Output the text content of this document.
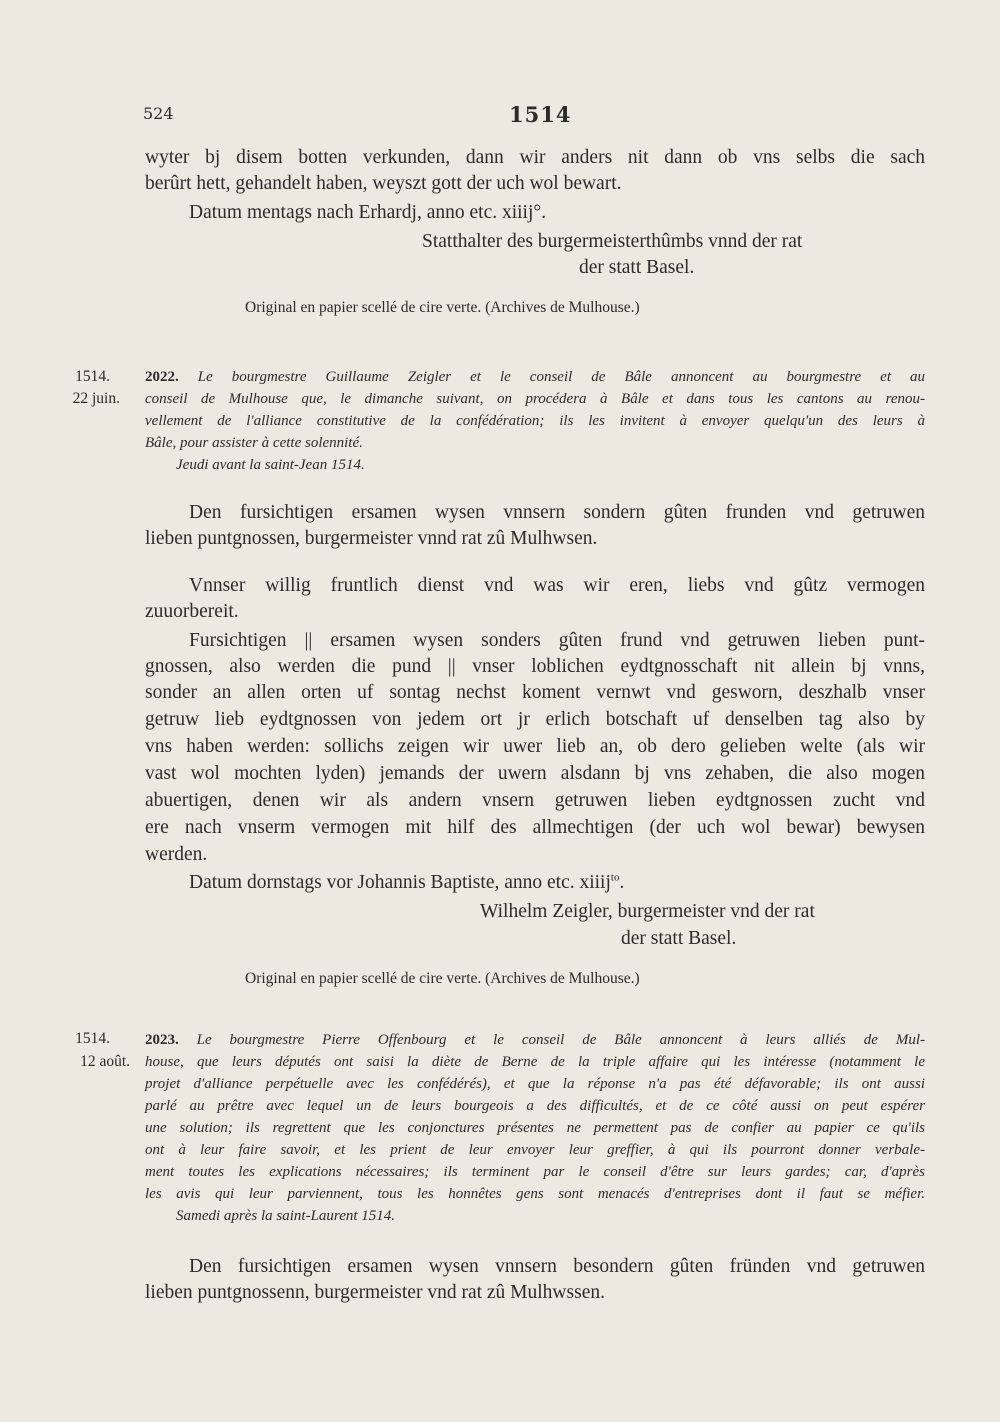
524	1514
wyter bj disem botten verkunden, dann wir anders nit dann ob vns selbs die sach
berûrt hett, gehandelt haben, weyszt gott der uch wol bewart.
Datum mentags nach Erhardj, anno etc. xiiij°.
Statthalter des burgermeisterthûmbs vnnd der rat
der statt Basel.
Original en papier scellé de cire verte. (Archives de Mulhouse.)
1514.
22 juin.
2022. Le bourgmestre Guillaume Zeigler et le conseil de Bâle annoncent au bourgmestre et au
conseil de Mulhouse que, le dimanche suivant, on procédera à Bâle et dans tous les cantons au renou-
vellement de l'alliance constitutive de la confédération; ils les invitent à envoyer quelqu'un des leurs à
Bâle, pour assister à cette solennité.
Jeudi avant la saint-Jean 1514.
Den fursichtigen ersamen wysen vnnsern sondern gûten frunden vnd getruwen
lieben puntgnossen, burgermeister vnnd rat zû Mulhwsen.
Vnnser willig fruntlich dienst vnd was wir eren, liebs vnd gûtz vermogen
zuuorbereit.
Fursichtigen || ersamen wysen sonders gûten frund vnd getruwen lieben punt-
gnossen, also werden die pund || vnser loblichen eydtgnosschaft nit allein bj vnns,
sonder an allen orten uf sontag nechst koment vernwt vnd gesworn, deszhalb vnser
getruw lieb eydtgnossen von jedem ort jr erlich botschaft uf denselben tag also by
vns haben werden: sollichs zeigen wir uwer lieb an, ob dero gelieben welte (als wir
vast wol mochten lyden) jemands der uwern alsdann bj vns zehaben, die also mogen
abuertigen, denen wir als andern vnsern getruwen lieben eydtgnossen zucht vnd
ere nach vnserm vermogen mit hilf des allmechtigen (der uch wol bewar) bewysen
werden.
Datum dornstags vor Johannis Baptiste, anno etc. xiiij$^{to}$.
Wilhelm Zeigler, burgermeister vnd der rat
der statt Basel.
Original en papier scellé de cire verte. (Archives de Mulhouse.)
1514.
12 août.
2023. Le bourgmestre Pierre Offenbourg et le conseil de Bâle annoncent à leurs alliés de Mul-
house, que leurs députés ont saisi la diète de Berne de la triple affaire qui les intéresse (notamment le
projet d'alliance perpétuelle avec les confédérés), et que la réponse n'a pas été défavorable; ils ont aussi
parlé au prêtre avec lequel un de leurs bourgeois a des difficultés, et de ce côté aussi on peut espérer
une solution; ils regrettent que les conjonctures présentes ne permettent pas de confier au papier ce qu'ils
ont à leur faire savoir, et les prient de leur envoyer leur greffier, à qui ils pourront donner verbale-
ment toutes les explications nécessaires; ils terminent par le conseil d'être sur leurs gardes; car, d'après
les avis qui leur parviennent, tous les honnêtes gens sont menacés d'entreprises dont il faut se méfier.
Samedi après la saint-Laurent 1514.
Den fursichtigen ersamen wysen vnnsern besondern gûten fründen vnd getruwen
lieben puntgnossenn, burgermeister vnd rat zû Mulhwssen.
